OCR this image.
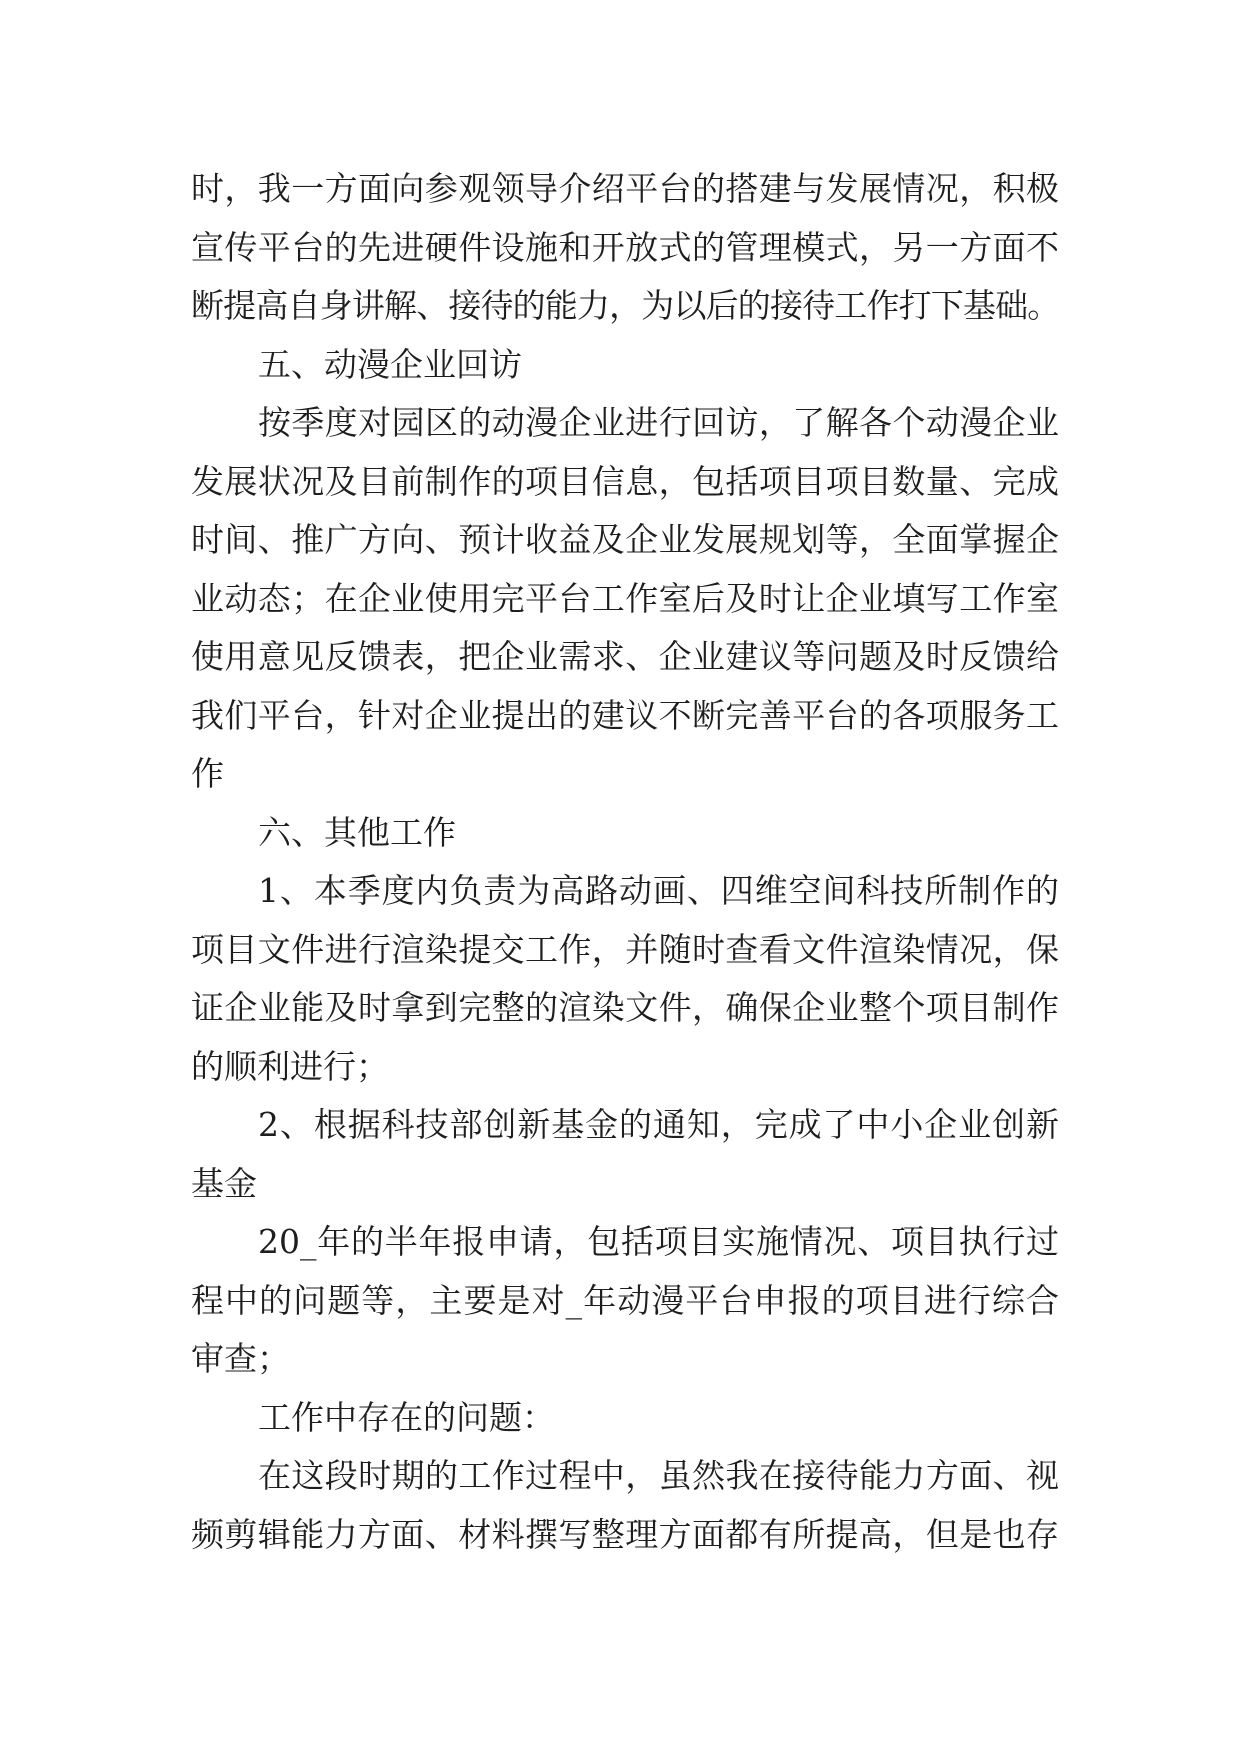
时，我一方面向参观领导介绍平台的搭建与发展情况，积极
宣传平台的先进硬件设施和开放式的管理模式，另一方面不
断提高自身讲解、接待的能力，为以后的接待工作打下基础。
五、动漫企业回访
按季度对园区的动漫企业进行回访，了解各个动漫企业
发展状况及目前制作的项目信息，包括项目项目数量、完成
时间、推广方向、预计收益及企业发展规划等，全面掌握企
业动态；在企业使用完平台工作室后及时让企业填写工作室
使用意见反馈表，把企业需求、企业建议等问题及时反馈给
我们平台，针对企业提出的建议不断完善平台的各项服务工
作
六、其他工作
1、本季度内负责为高路动画、四维空间科技所制作的
项目文件进行渲染提交工作，并随时查看文件渲染情况，保
证企业能及时拿到完整的渲染文件，确保企业整个项目制作
的顺利进行；
2、根据科技部创新基金的通知，完成了中小企业创新
基金
20_年的半年报申请，包括项目实施情况、项目执行过
程中的问题等，主要是对_年动漫平台申报的项目进行综合
审查；
工作中存在的问题：
在这段时期的工作过程中，虽然我在接待能力方面、视
频剪辑能力方面、材料撰写整理方面都有所提高，但是也存
